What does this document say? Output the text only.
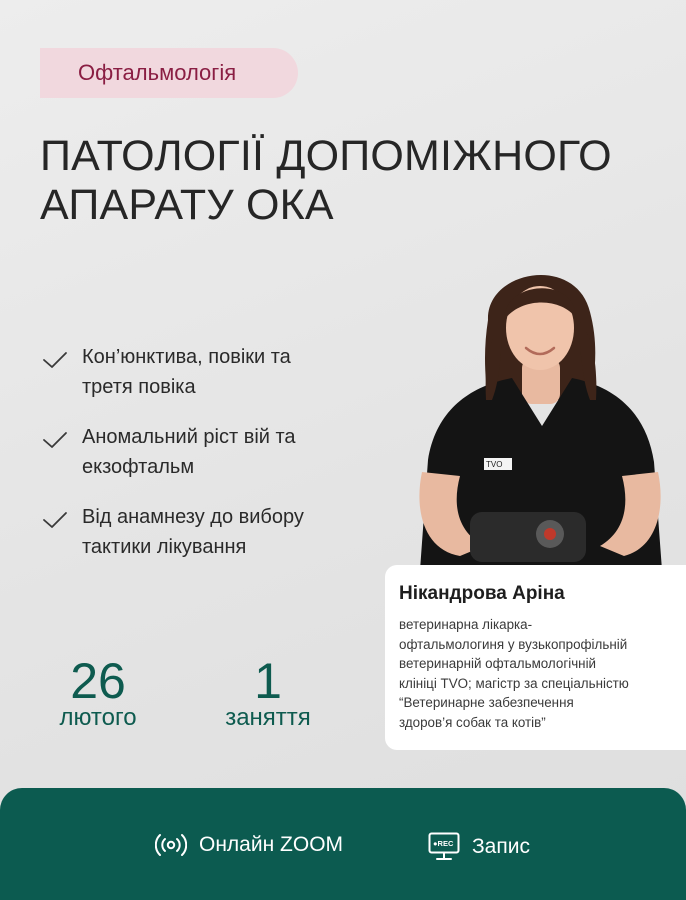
Офтальмологія
ПАТОЛОГІЇ ДОПОМІЖНОГО
АПАРАТУ ОКА
Кон’юнктива, повіки та
третя повіка
Аномальний ріст вій та
екзофтальм
Від анамнезу до вибору
тактики лікування
26
лютого
1
заняття
TVO
Нікандрова Аріна
ветеринарна лікарка-
офтальмологиня у вузькопрофільній
ветеринарній офтальмологічній
клініці TVO; магістр за спеціальністю
“Ветеринарне забезпечення
здоров’я собак та котів”
Онлайн ZOOM	●REC Запис
